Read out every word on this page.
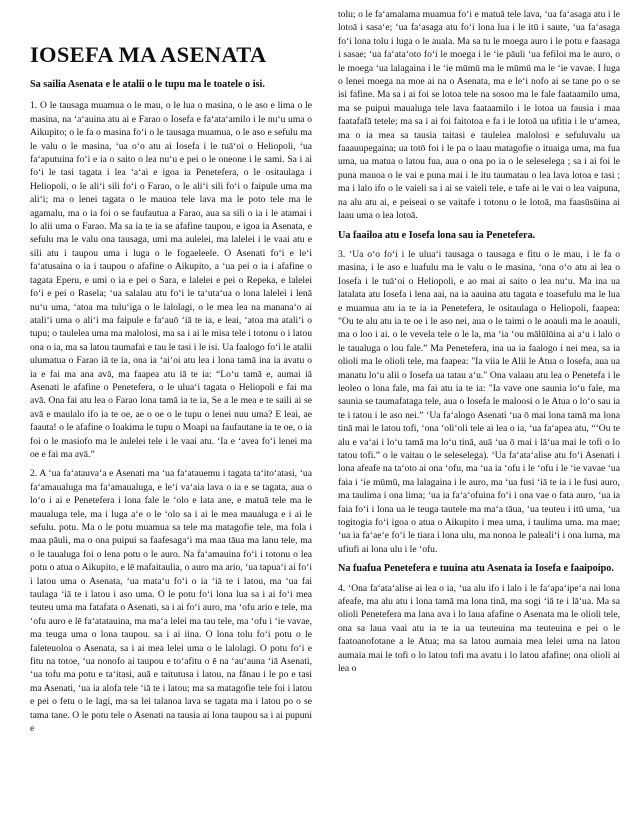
IOSEFA MA ASENATA
Sa sailia Asenata e le atalii o le tupu ma le toatele o isi.

1. O le tausaga muamua o le mau, o le lua o masina, o le aso e lima o le masina, na ‘a‘auina atu ai e Farao o Iosefa e fa‘ata‘amilo i le nu‘u uma o Aikupito; o le fa o masina fo‘i o le tausaga muamua, o le aso e sefulu ma le valu o le masina, ‘ua o‘o atu ai Iosefa i le tuā‘oi o Heliopoli, ‘ua fa‘aputuina fo‘i e ia o saito o lea nu‘u e pei o le oneone i le sami. Sa i ai fo‘i le tasi tagata i lea ‘a‘ai e igoa ia Penetefera, o le ositaulaga i Heliopoli, o le ali‘i sili fo‘i o Farao, o le ali‘i sili fo‘i o faipule uma ma ali‘i; ma o lenei tagata o le mauoa tele lava ma le poto tele ma le agamalu, ma o ia foi o se faufautua a Farao, aua sa sili o ia i le atamai i lo alii uma o Farao. Ma sa ia te ia se afafine taupou, e igoa ia Asenata, e sefulu ma le valu ona tausaga, umi ma aulelei, ma lalelei i le vaai atu e sili atu i taupou uma i luga o le fogaeleele. O Asenati fo‘i e le‘i fa‘atusaina o ia i taupou o afafine o Aikupito, a ‘ua pei o ia i afafine o tagata Eperu, e umi o ia e pei o Sara, e lalelei e pei o Repeka, e lalelei fo‘i e pei o Rasela; ‘ua salalau atu fo‘i le ta‘uta‘ua o lona lalelei i lenā nu‘u uma, ‘atoa ma tulu‘iga o le lalolagi, o le mea lea na manana‘o ai atali‘i uma o ali‘i ma faipule e fa‘auō ‘iā te ia, e leai, ‘atoa ma atali‘i o tupu; o taulelea uma ma malolosi, ma sa i ai le misa tele i totonu o i latou ona o ia, ma sa latou taumafai e tau le tasi i le isi. Ua faalogo fo‘i le atalii ulumatua o Farao iā te ia, ona ia ‘ai‘oi atu lea i lona tamā ina ia avatu o ia e fai ma ana avā, ma faapea atu iā te ia: “Lo‘u tamā e, aumai iā Asenati le afafine o Penetefera, o le ulua‘i tagata o Heliopoli e fai ma avā. Ona fai atu lea o Farao lona tamā ia te ia, Se a le mea e te saili ai se avā e maulalo ifo ia te oe, ae o oe o le tupu o lenei nuu uma? E leai, ae faauta! o le afafine o Ioakima le tupu o Moapi ua faufautane ia te oe, o ia foi o le masiofo ma le aulelei tele i le vaai atu. ‘Ia e ‘avea fo‘i lenei ma oe e fai ma avā.”

2. A ‘ua fa‘atauva‘a e Asenati ma ‘ua fa‘atauemu i tagata ta‘ito‘atasi, ‘ua fa‘amaualuga ma fa‘amaualuga, e le‘i va‘aia lava o ia e se tagata, aua o lo‘o i ai e Penetefera i lona fale le ‘olo e lata ane, e matuā tele ma le maualuga tele, ma i luga a‘e o le ‘olo sa i ai le mea maualuga e i ai le sefulu. potu. Ma o le potu muamua sa tele ma matagofie tele, ma fola i maa pāuli, ma o ona puipui sa faafesaga‘i ma maa tāua ma lanu tele, ma o le taualuga foi o lena potu o le auro. Na fa‘amauina fo‘i i totonu o lea potu o atua o Aikupito, e lē mafaitaulia, o auro ma ario, ‘ua tapua‘i ai fo‘i i latou uma o Asenata, ‘ua mata‘u fo‘i o ia ‘iā te i latou, ma ‘ua fai taulaga ‘iā te i latou i aso uma. O le potu fo‘i lona lua sa i ai fo‘i mea teuteu uma ma fatafata o Asenati, sa i ai fo‘i auro, ma ‘ofu ario e tele, ma ‘ofu auro e lē fa‘atatauina, ma ma‘a lelei ma tau tele, ma ‘ofu i ‘ie vavae, ma teuga uma o lona taupou. sa i ai iina. O lona tolu fo‘i potu o le faleteuoloa o Asenata, sa i ai mea lelei uma o le lalolagi. O potu fo‘i e fitu na totoe, ‘ua nonofo ai taupou e to‘afitu o ē na ‘au‘auna ‘iā Asenati, ‘ua tofu ma potu e ta‘itasi, auā e taitutusa i latou, na fānau i le po e tasi ma Asenati, ‘ua ia alofa tele ‘iā te i latou; ma sa matagofie tele foi i latou e pei o fetu o le lagi, ma sa lei talanoa lava se tagata ma i latou po o se tama tane. O le potu tele o Asenati na tausia ai lona taupou sa i ai pupuni e

tolu; o le fa‘amalama muamua fo‘i e matuā tele lava, ‘ua fa‘asaga atu i le lotoā i sasa‘e; ‘ua fa‘asaga atu fo‘i lona lua i le itū i saute, ‘ua fa‘asaga fo‘i lona tolu i luga o le auala. Ma sa tu le moega auro i le potu e faasaga i sasae; ‘ua fa‘ata‘oto fo‘i le moega i le ‘ie pāuli ‘ua fefiloi ma le auro, o le moega ‘ua lalagaina i le ‘ie mūmū ma le mūmū ma le ‘ie vavae. I luga o lenei moega na moe ai na o Asenata, ma e le‘i nofo ai se tane po o se isi fafine. Ma sa i ai foi se lotoa tele na sosoo ma le fale faataamilo uma, ma se puipui maualuga tele lava faataamilo i le lotoa ua fausia i maa faatafafā tetele; ma sa i ai foi faitotoa e fa i le lotoā ua ufitia i le u‘amea, ma o ia mea sa tausia taitasi e taulelea malolosi e sefuluvalu ua faaauupegaina; ua totō foi i le pa o laau matagofie o ituaiga uma, ma fua uma, ua matua o latou fua, aua o ona po ia o le seleselega ; sa i ai foi le puna mauoa o le vai e puna mai i le itu taumatau o lea lava lotoa e tasi ; ma i lalo ifo o le vaieli sa i ai se vaieli tele, e tafe ai le vai o lea vaipuna, na alu atu ai, e peiseai o se vaitafe i totonu o le lotoā, ma faasūsūina ai laau uma o lea lotoā.

Ua faailoa atu e Iosefa lona sau ia Penetefera.

3. ‘Ua o‘o fo‘i i le ulua‘i tausaga o tausaga e fitu o le mau, i le fa o masina, i le aso e luafulu ma le valu o le masina, ‘ona o‘o atu ai lea o Iosefa i le tuā‘oi o Heliopoli, e ao mai ai saito o lea nu‘u. Ma ina ua latalata atu Iosefa i lena aai, na ia aauina atu tagata e toasefulu ma le lua e muamua atu ia te ia ia Penetefera, le ositaulaga o Heliopoli, faapea: "Ou te alu atu ia te oe i le aso nei, aua o le taimi o le aoauli ma le aoauli, ma o loo i ai. o le vevela tele o le la, ma ‘ia ‘ou mālūlūina ai a‘u i lalo o le taualuga o lou fale.” Ma Penetefera, ina ua ia faalogo i nei mea, sa ia olioli ma le olioli tele, ma faapea: "Ia viia le Alii le Atua o Iosefa, aua ua manatu lo‘u alii o Iosefa ua tatau a‘u." Ona valaau atu lea o Penetefa i le leoleo o lona fale, ma fai atu ia te ia: "Ia vave one saunia lo‘u fale, ma saunia se taumafataga tele, aua o Iosefa le maloosi o le Atua o lo‘o sau ia te i tatou i le aso nei.” ‘Ua fa‘alogo Asenati ‘ua ō mai lona tamā ma lona tinā mai le latou tofi, ‘ona ‘oli‘oli tele ai lea o ia, ‘ua fa‘apea atu, “‘Ou te alu e va‘ai i lo‘u tamā ma lo‘u tinā, auā ‘ua ō mai i lā‘ua mai le tofi o lo tatou tofi.” o le vaitau o le seleselega). ‘Ua fa‘ata‘alise atu fo‘i Asenati i lona afeafe na ta‘oto ai ona ‘ofu, ma ‘ua ia ‘ofu i le ‘ofu i le ‘ie vavae ‘ua faia i ‘ie mūmū, ma lalagaina i le auro, ma ‘ua fusi ‘iā te ia i le fusi auro, ma taulima i ona lima; ‘ua ia fa‘a‘ofuina fo‘i i ona vae o fata auro, ‘ua ia faia fo‘i i lona ua le teuga tautele ma ma‘a tāua, ‘ua teuteu i itū uma, ‘ua togitogia fo‘i igoa o atua o Aikupito i mea uma, i taulima uma. ma mae; ‘ua ia fa‘ae‘e fo‘i le tiara i lona ulu, ma nonoa le paleali‘i i ona luma, ma ufiufi ai lona ulu i le ‘ofu.

Na fuafua Penetefera e tuuina atu Asenata ia Iosefa e faaipoipo.

4. ‘Ona fa‘ata‘alise ai lea o ia, ‘ua alu ifo i lalo i le fa‘apa‘ipe‘a nai lona afeafe, ma alu atu i lona tamā ma lona tinā, ma sogi ‘iā te i lā‘ua. Ma sa olioli Penetefera ma lana ava i lo laua afafine o Asenata ma le olioli tele, ona sa laua vaai atu ia te ia ua teuteuina ma teuteuina e pei o le faatoanofotane a le Atua; ma sa latou aumaia mea lelei uma na latou aumaia mai le tofi o lo latou tofi ma avatu i lo latou afafine; ona olioli ai lea o
